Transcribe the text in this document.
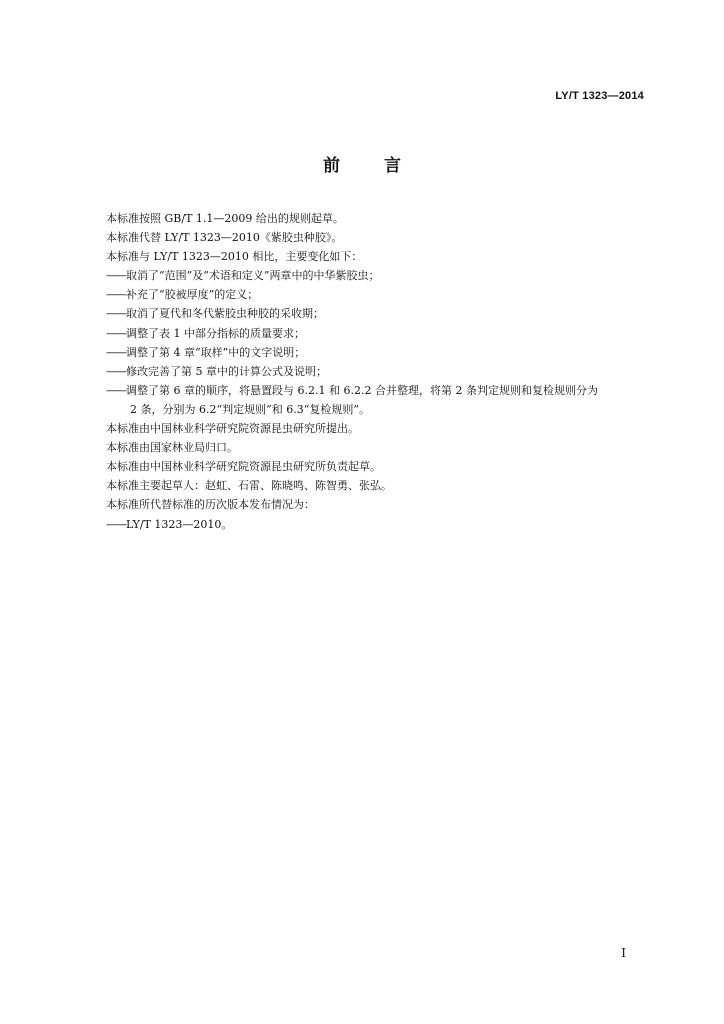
LY/T 1323—2014
前	言
本标准按照 GB/T 1.1—2009 给出的规则起草。
本标准代替 LY/T 1323—2010《紫胶虫种胶》。
本标准与 LY/T 1323—2010 相比，主要变化如下：
—— 取消了“范围”及“术语和定义”两章中的中华紫胶虫；
—— 补充了“胶被厚度”的定义；
—— 取消了夏代和冬代紫胶虫种胶的采收期；
—— 调整了表 1 中部分指标的质量要求；
—— 调整了第 4 章“取样”中的文字说明；
—— 修改完善了第 5 章中的计算公式及说明；
—— 调整了第 6 章的顺序，将悬置段与 6.2.1 和 6.2.2 合并整理，将第 2 条判定规则和复检规则分为
2 条，分别为 6.2“判定规则”和 6.3“复检规则”。
本标准由中国林业科学研究院资源昆虫研究所提出。
本标准由国家林业局归口。
本标准由中国林业科学研究院资源昆虫研究所负责起草。
本标准主要起草人：赵虹、石雷、陈晓鸣、陈智勇、张弘。
本标准所代替标准的历次版本发布情况为：
—— LY/T 1323—2010。
I
